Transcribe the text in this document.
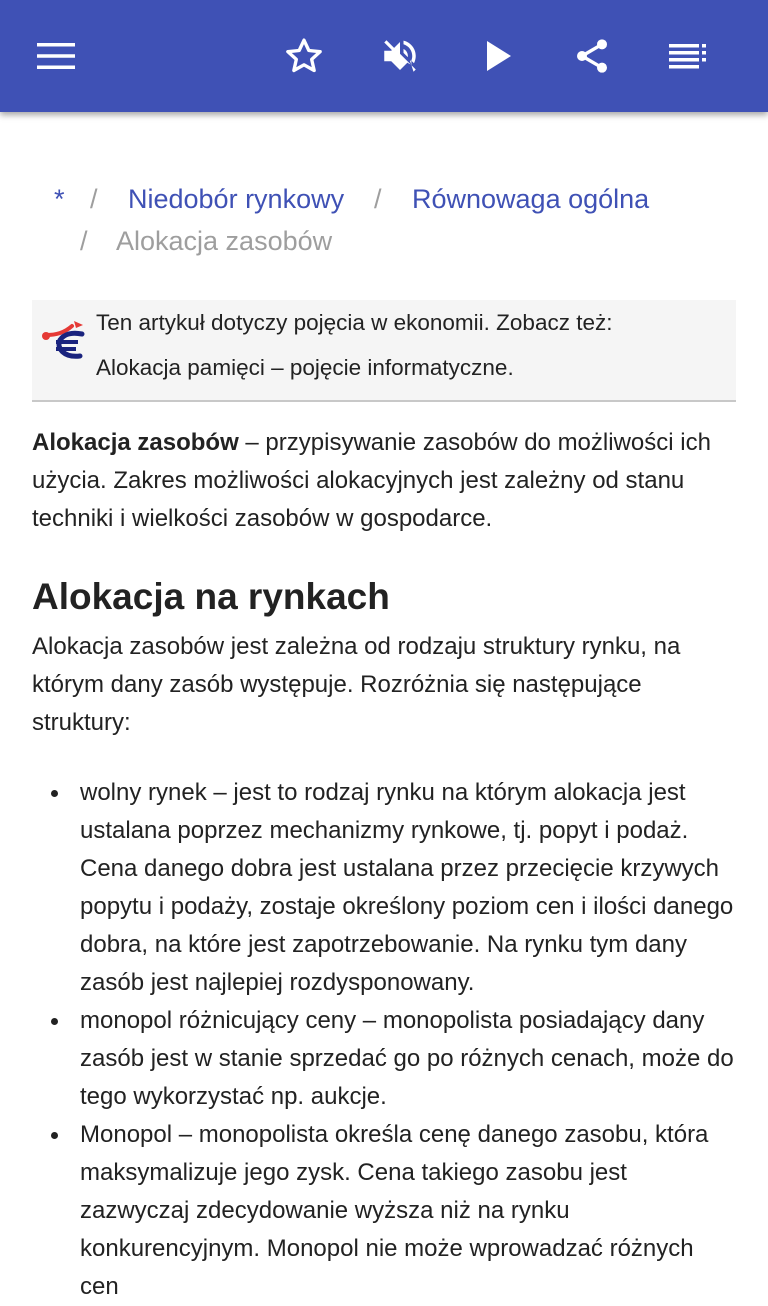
* / Niedobór rynkowy / Równowaga ogólna
/ Alokacja zasobów
Ten artykuł dotyczy pojęcia w ekonomii. Zobacz też:
Alokacja pamięci – pojęcie informatyczne.

Alokacja zasobów – przypisywanie zasobów do możliwości ich użycia. Zakres możliwości alokacyjnych jest zależny od stanu techniki i wielkości zasobów w gospodarce.

Alokacja na rynkach

Alokacja zasobów jest zależna od rodzaju struktury rynku, na którym dany zasób występuje. Rozróżnia się następujące struktury:

wolny rynek – jest to rodzaj rynku na którym alokacja jest ustalana poprzez mechanizmy rynkowe, tj. popyt i podaż. Cena danego dobra jest ustalana przez przecięcie krzywych popytu i podaży, zostaje określony poziom cen i ilości danego dobra, na które jest zapotrzebowanie. Na rynku tym dany zasób jest najlepiej rozdysponowany.
monopol różnicujący ceny – monopolista posiadający dany zasób jest w stanie sprzedać go po różnych cenach, może do tego wykorzystać np. aukcje.
Monopol – monopolista określa cenę danego zasobu, która maksymalizuje jego zysk. Cena takiego zasobu jest zazwyczaj zdecydowanie wyższa niż na rynku konkurencyjnym. Monopol nie może wprowadzać różnych cen
